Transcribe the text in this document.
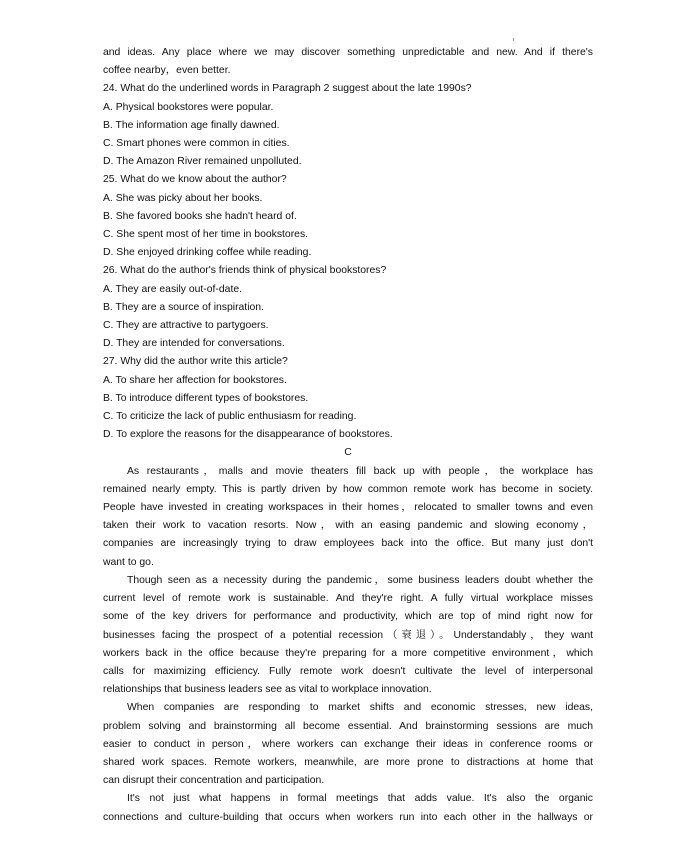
and ideas. Any place where we may discover something unpredictable and new. And if there's
coffee nearby，even better.
24. What do the underlined words in Paragraph 2 suggest about the late 1990s?
A. Physical bookstores were popular.
B. The information age finally dawned.
C. Smart phones were common in cities.
D. The Amazon River remained unpolluted.
25. What do we know about the author?
A. She was picky about her books.
B. She favored books she hadn't heard of.
C. She spent most of her time in bookstores.
D. She enjoyed drinking coffee while reading.
26. What do the author's friends think of physical bookstores?
A. They are easily out-of-date.
B. They are a source of inspiration.
C. They are attractive to partygoers.
D. They are intended for conversations.
27. Why did the author write this article?
A. To share her affection for bookstores.
B. To introduce different types of bookstores.
C. To criticize the lack of public enthusiasm for reading.
D. To explore the reasons for the disappearance of bookstores.
C
As restaurants，malls and movie theaters fill back up with people，the workplace has
remained nearly empty. This is partly driven by how common remote work has become in society.
People have invested in creating workspaces in their homes，relocated to smaller towns and even
taken their work to vacation resorts. Now，with an easing pandemic and slowing economy，
companies are increasingly trying to draw employees back into the office. But many just don't
want to go.
Though seen as a necessity during the pandemic，some business leaders doubt whether the
current level of remote work is sustainable. And they're right. A fully virtual workplace misses
some of the key drivers for performance and productivity, which are top of mind right now for
businesses facing the prospect of a potential recession（衰退）。Understandably，they want
workers back in the office because they're preparing for a more competitive environment，which
calls for maximizing efficiency. Fully remote work doesn't cultivate the level of interpersonal
relationships that business leaders see as vital to workplace innovation.
When companies are responding to market shifts and economic stresses, new ideas,
problem solving and brainstorming all become essential. And brainstorming sessions are much
easier to conduct in person，where workers can exchange their ideas in conference rooms or
shared work spaces. Remote workers, meanwhile, are more prone to distractions at home that
can disrupt their concentration and participation.
It's not just what happens in formal meetings that adds value. It's also the organic
connections and culture-building that occurs when workers run into each other in the hallways or
